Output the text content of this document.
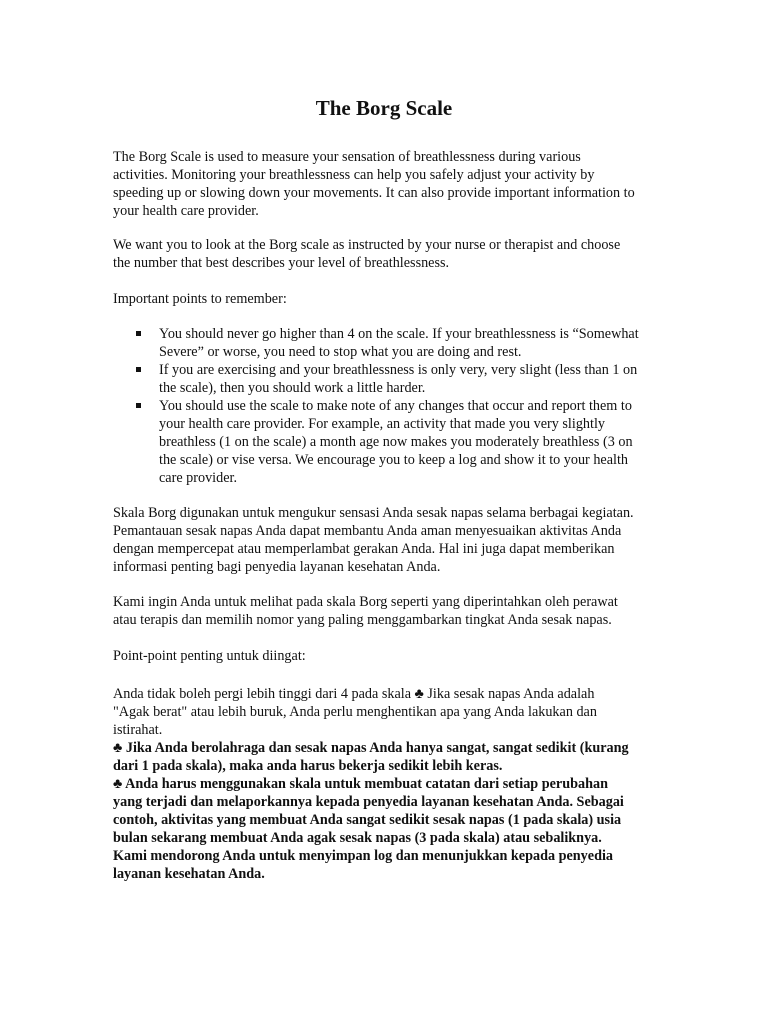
The Borg Scale

The Borg Scale is used to measure your sensation of breathlessness during various activities. Monitoring your breathlessness can help you safely adjust your activity by speeding up or slowing down your movements. It can also provide important information to your health care provider.

We want you to look at the Borg scale as instructed by your nurse or therapist and choose the number that best describes your level of breathlessness.

Important points to remember:

You should never go higher than 4 on the scale. If your breathlessness is “Somewhat Severe” or worse, you need to stop what you are doing and rest.
If you are exercising and your breathlessness is only very, very slight (less than 1 on the scale), then you should work a little harder.
You should use the scale to make note of any changes that occur and report them to your health care provider. For example, an activity that made you very slightly breathless (1 on the scale) a month age now makes you moderately breathless (3 on the scale) or vise versa. We encourage you to keep a log and show it to your health care provider.

Skala Borg digunakan untuk mengukur sensasi Anda sesak napas selama berbagai kegiatan. Pemantauan sesak napas Anda dapat membantu Anda aman menyesuaikan aktivitas Anda dengan mempercepat atau memperlambat gerakan Anda. Hal ini juga dapat memberikan informasi penting bagi penyedia layanan kesehatan Anda.

Kami ingin Anda untuk melihat pada skala Borg seperti yang diperintahkan oleh perawat atau terapis dan memilih nomor yang paling menggambarkan tingkat Anda sesak napas.

Point-point penting untuk diingat:

Anda tidak boleh pergi lebih tinggi dari 4 pada skala ♣ Jika sesak napas Anda adalah "Agak berat" atau lebih buruk, Anda perlu menghentikan apa yang Anda lakukan dan istirahat.

♣ Jika Anda berolahraga dan sesak napas Anda hanya sangat, sangat sedikit (kurang dari 1 pada skala), maka anda harus bekerja sedikit lebih keras.

♣ Anda harus menggunakan skala untuk membuat catatan dari setiap perubahan yang terjadi dan melaporkannya kepada penyedia layanan kesehatan Anda. Sebagai contoh, aktivitas yang membuat Anda sangat sedikit sesak napas (1 pada skala) usia bulan sekarang membuat Anda agak sesak napas (3 pada skala) atau sebaliknya. Kami mendorong Anda untuk menyimpan log dan menunjukkan kepada penyedia layanan kesehatan Anda.
